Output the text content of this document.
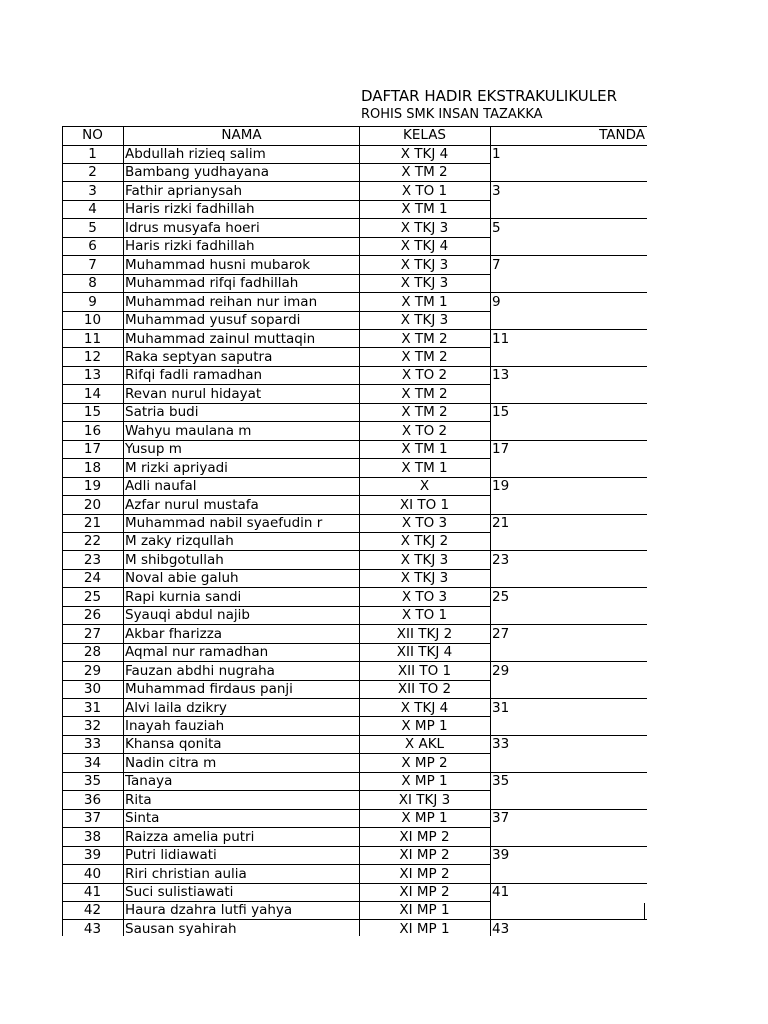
DAFTAR HADIR EKSTRAKULIKULER
ROHIS SMK INSAN TAZAKKA
NO	NAMA	KELAS	TANDA
1	Abdullah rizieq salim	X TKJ 4	1
2	Bambang yudhayana	X TM 2
3	Fathir aprianysah	X TO 1	3
4	Haris rizki fadhillah	X TM 1
5	Idrus musyafa hoeri	X TKJ 3	5
6	Haris rizki fadhillah	X TKJ 4
7	Muhammad husni mubarok	X TKJ 3	7
8	Muhammad rifqi fadhillah	X TKJ 3
9	Muhammad reihan nur iman	X TM 1	9
10	Muhammad yusuf sopardi	X TKJ 3
11	Muhammad zainul muttaqin	X TM 2	11
12	Raka septyan saputra	X TM 2
13	Rifqi fadli ramadhan	X TO 2	13
14	Revan nurul hidayat	X TM 2
15	Satria budi	X TM 2	15
16	Wahyu maulana m	X TO 2
17	Yusup m	X TM 1	17
18	M rizki apriyadi	X TM 1
19	Adli naufal	X	19
20	Azfar nurul mustafa	XI TO 1
21	Muhammad nabil syaefudin r	X TO 3	21
22	M zaky rizqullah	X TKJ 2
23	M shibgotullah	X TKJ 3	23
24	Noval abie galuh	X TKJ 3
25	Rapi kurnia sandi	X TO 3	25
26	Syauqi abdul najib	X TO 1
27	Akbar fharizza	XII TKJ 2	27
28	Aqmal nur ramadhan	XII TKJ 4
29	Fauzan abdhi nugraha	XII TO 1	29
30	Muhammad firdaus panji	XII TO 2
31	Alvi laila dzikry	X TKJ 4	31
32	Inayah fauziah	X MP 1
33	Khansa qonita	X AKL	33
34	Nadin citra m	X MP 2
35	Tanaya	X MP 1	35
36	Rita	XI TKJ 3
37	Sinta	X MP 1	37
38	Raizza amelia putri	XI MP 2
39	Putri lidiawati	XI MP 2	39
40	Riri christian aulia	XI MP 2
41	Suci sulistiawati	XI MP 2	41
42	Haura dzahra lutfi yahya	XI MP 1
43	Sausan syahirah	XI MP 1	43
